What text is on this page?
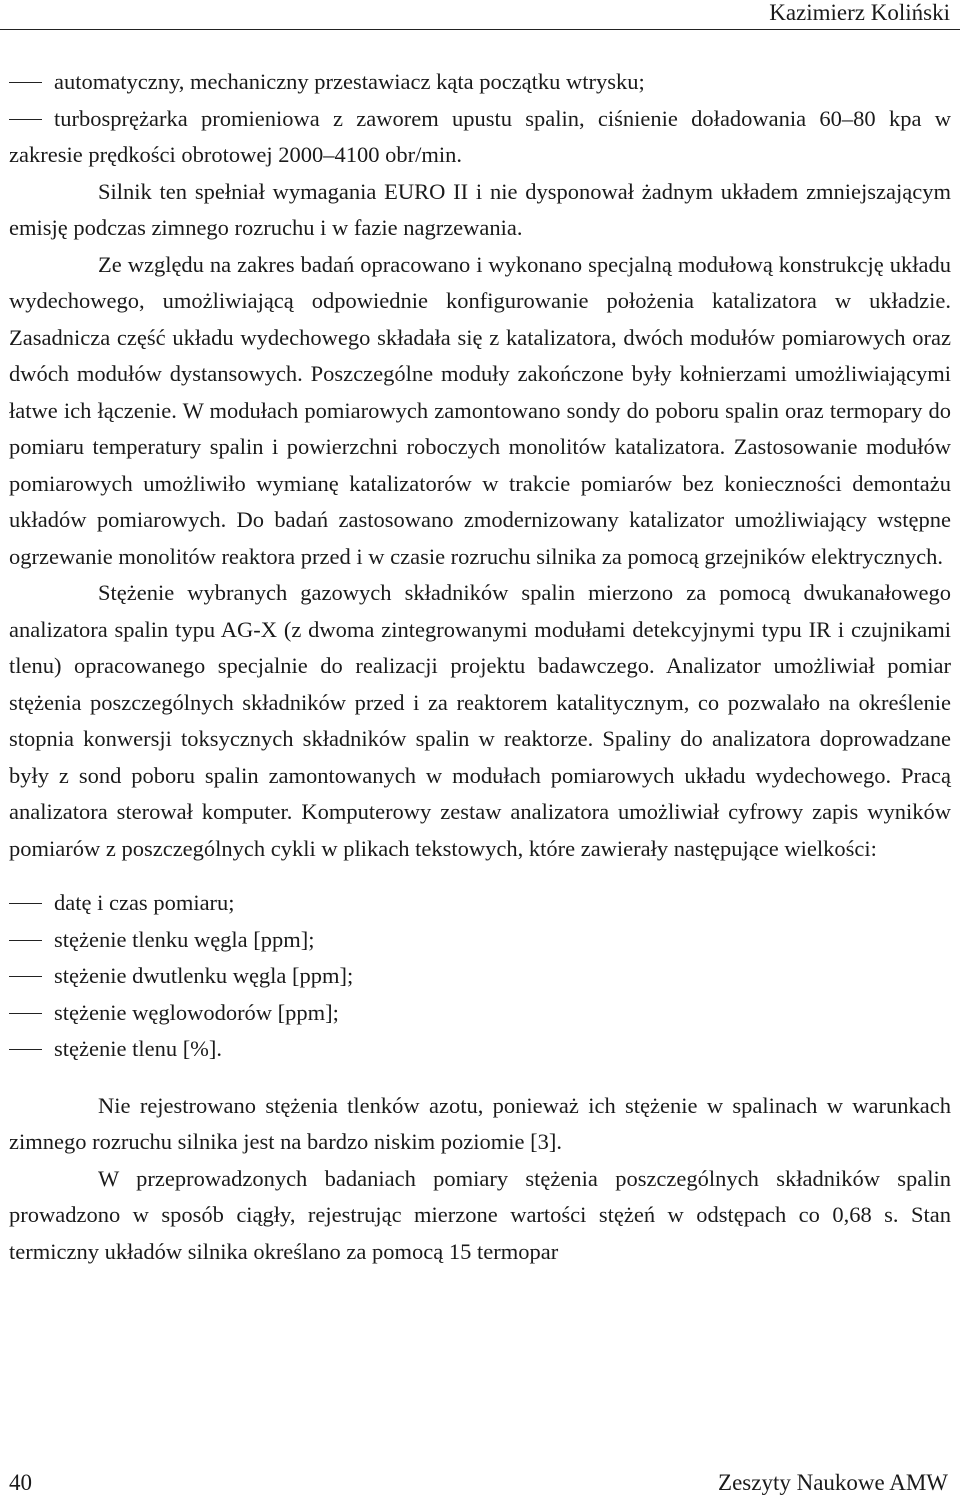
Kazimierz Koliński
automatyczny, mechaniczny przestawiacz kąta początku wtrysku;
turbosprężarka promieniowa z zaworem upustu spalin, ciśnienie doładowania 60–80 kpa w zakresie prędkości obrotowej 2000–4100 obr/min.

Silnik ten spełniał wymagania EURO II i nie dysponował żadnym układem zmniejszającym emisję podczas zimnego rozruchu i w fazie nagrzewania.

Ze względu na zakres badań opracowano i wykonano specjalną modułową konstrukcję układu wydechowego, umożliwiającą odpowiednie konfigurowanie położenia katalizatora w układzie. Zasadnicza część układu wydechowego składała się z katalizatora, dwóch modułów pomiarowych oraz dwóch modułów dystansowych. Poszczególne moduły zakończone były kołnierzami umożliwiającymi łatwe ich łączenie. W modułach pomiarowych zamontowano sondy do poboru spalin oraz termopary do pomiaru temperatury spalin i powierzchni roboczych monolitów katalizatora. Zastosowanie modułów pomiarowych umożliwiło wymianę katalizatorów w trakcie pomiarów bez konieczności demontażu układów pomiarowych. Do badań zastosowano zmodernizowany katalizator umożliwiający wstępne ogrzewanie monolitów reaktora przed i w czasie rozruchu silnika za pomocą grzejników elektrycznych.

Stężenie wybranych gazowych składników spalin mierzono za pomocą dwukanałowego analizatora spalin typu AG-X (z dwoma zintegrowanymi modułami detekcyjnymi typu IR i czujnikami tlenu) opracowanego specjalnie do realizacji projektu badawczego. Analizator umożliwiał pomiar stężenia poszczególnych składników przed i za reaktorem katalitycznym, co pozwalało na określenie stopnia konwersji toksycznych składników spalin w reaktorze. Spaliny do analizatora doprowadzane były z sond poboru spalin zamontowanych w modułach pomiarowych układu wydechowego. Pracą analizatora sterował komputer. Komputerowy zestaw analizatora umożliwiał cyfrowy zapis wyników pomiarów z poszczególnych cykli w plikach tekstowych, które zawierały następujące wielkości:

datę i czas pomiaru;
stężenie tlenku węgla [ppm];
stężenie dwutlenku węgla [ppm];
stężenie węglowodorów [ppm];
stężenie tlenu [%].

Nie rejestrowano stężenia tlenków azotu, ponieważ ich stężenie w spalinach w warunkach zimnego rozruchu silnika jest na bardzo niskim poziomie [3].

W przeprowadzonych badaniach pomiary stężenia poszczególnych składników spalin prowadzono w sposób ciągły, rejestrując mierzone wartości stężeń w odstępach co 0,68 s. Stan termiczny układów silnika określano za pomocą 15 termopar

40	Zeszyty Naukowe AMW
